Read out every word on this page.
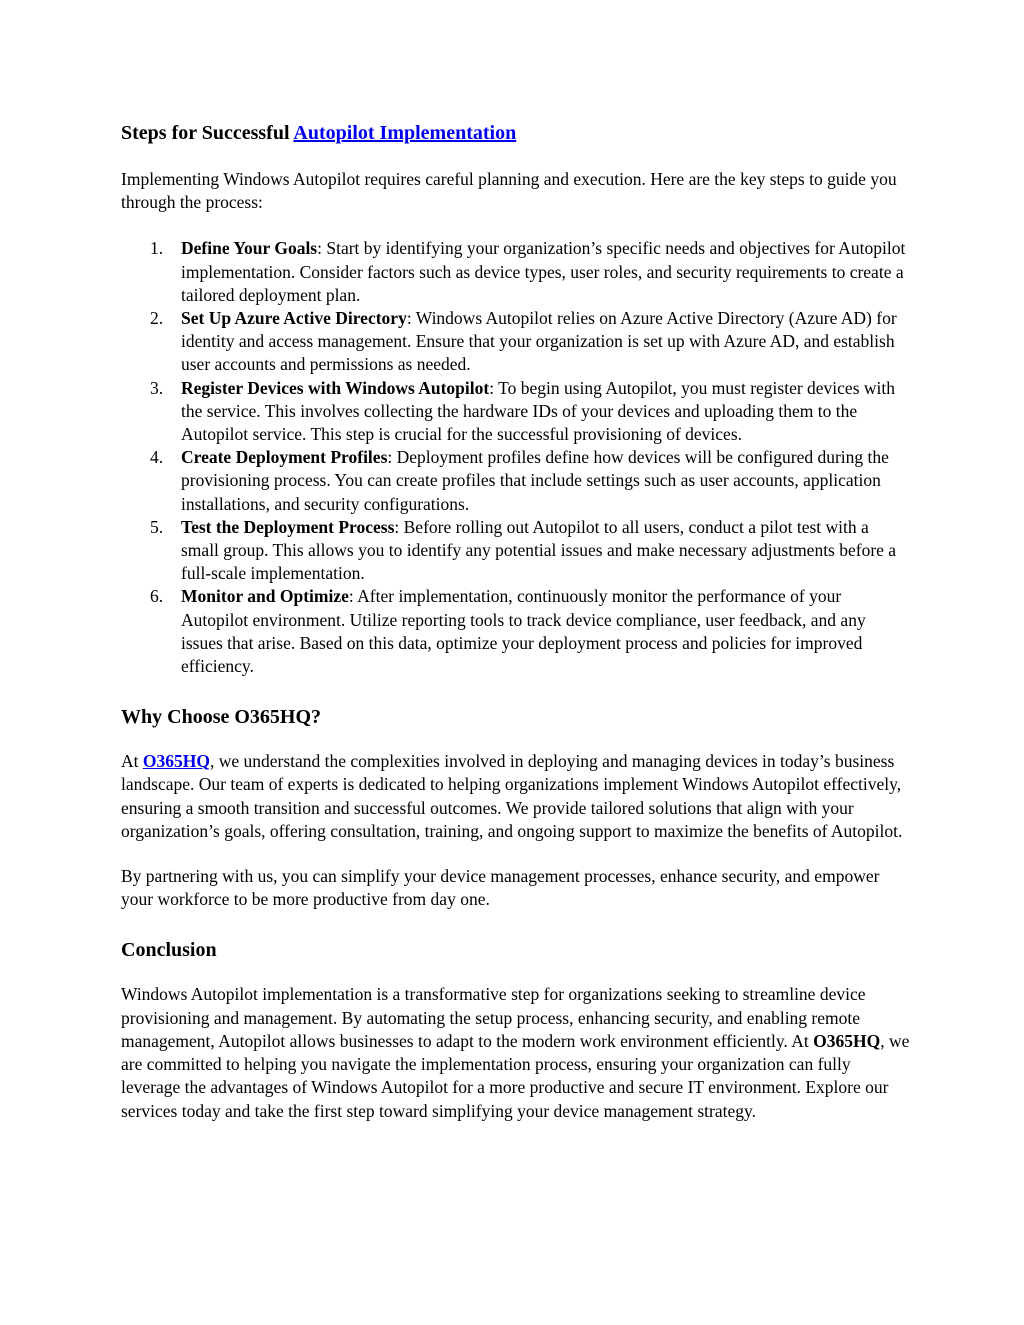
Steps for Successful Autopilot Implementation

Implementing Windows Autopilot requires careful planning and execution. Here are the key steps to guide you through the process:

1. Define Your Goals: Start by identifying your organization’s specific needs and objectives for Autopilot implementation. Consider factors such as device types, user roles, and security requirements to create a tailored deployment plan.
2. Set Up Azure Active Directory: Windows Autopilot relies on Azure Active Directory (Azure AD) for identity and access management. Ensure that your organization is set up with Azure AD, and establish user accounts and permissions as needed.
3. Register Devices with Windows Autopilot: To begin using Autopilot, you must register devices with the service. This involves collecting the hardware IDs of your devices and uploading them to the Autopilot service. This step is crucial for the successful provisioning of devices.
4. Create Deployment Profiles: Deployment profiles define how devices will be configured during the provisioning process. You can create profiles that include settings such as user accounts, application installations, and security configurations.
5. Test the Deployment Process: Before rolling out Autopilot to all users, conduct a pilot test with a small group. This allows you to identify any potential issues and make necessary adjustments before a full-scale implementation.
6. Monitor and Optimize: After implementation, continuously monitor the performance of your Autopilot environment. Utilize reporting tools to track device compliance, user feedback, and any issues that arise. Based on this data, optimize your deployment process and policies for improved efficiency.
Why Choose O365HQ?

At O365HQ, we understand the complexities involved in deploying and managing devices in today’s business landscape. Our team of experts is dedicated to helping organizations implement Windows Autopilot effectively, ensuring a smooth transition and successful outcomes. We provide tailored solutions that align with your organization’s goals, offering consultation, training, and ongoing support to maximize the benefits of Autopilot.

By partnering with us, you can simplify your device management processes, enhance security, and empower your workforce to be more productive from day one.

Conclusion

Windows Autopilot implementation is a transformative step for organizations seeking to streamline device provisioning and management. By automating the setup process, enhancing security, and enabling remote management, Autopilot allows businesses to adapt to the modern work environment efficiently. At O365HQ, we are committed to helping you navigate the implementation process, ensuring your organization can fully leverage the advantages of Windows Autopilot for a more productive and secure IT environment. Explore our services today and take the first step toward simplifying your device management strategy.
